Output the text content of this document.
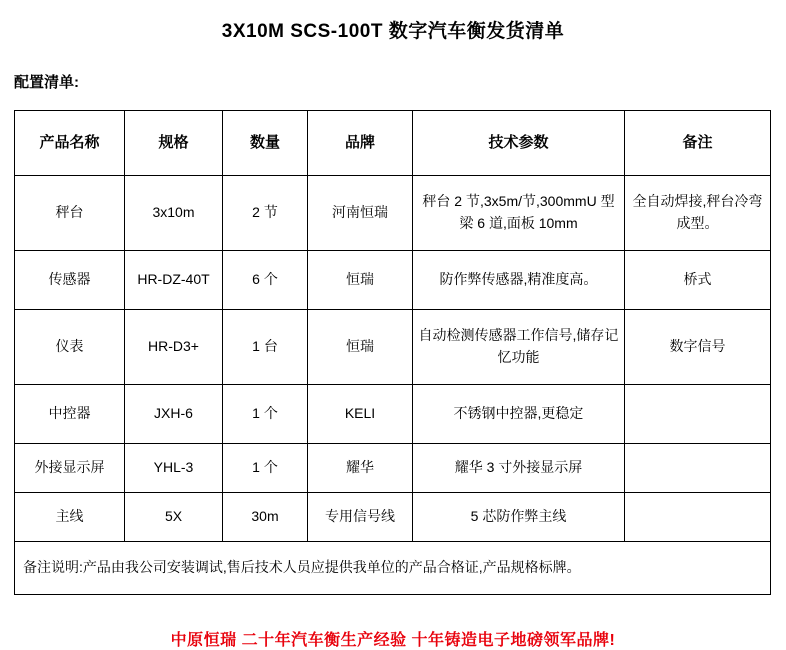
3X10M SCS-100T 数字汽车衡发货清单
配置清单:
产品名称	规格	数量	品牌	技术参数	备注
秤台	3x10m	2 节	河南恒瑞	秤台 2 节,3x5m/节,300mmU 型梁 6 道,面板 10mm	全自动焊接,秤台冷弯成型。
传感器	HR-DZ-40T	6 个	恒瑞	防作弊传感器,精准度高。	桥式
仪表	HR-D3+	1 台	恒瑞	自动检测传感器工作信号,储存记忆功能	数字信号
中控器	JXH-6	1 个	KELI	不锈钢中控器,更稳定	
外接显示屏	YHL-3	1 个	耀华	耀华 3 寸外接显示屏	
主线	5X	30m	专用信号线	5 芯防作弊主线	
备注说明:产品由我公司安装调试,售后技术人员应提供我单位的产品合格证,产品规格标牌。					
中原恒瑞 二十年汽车衡生产经验 十年铸造电子地磅领军品牌!
